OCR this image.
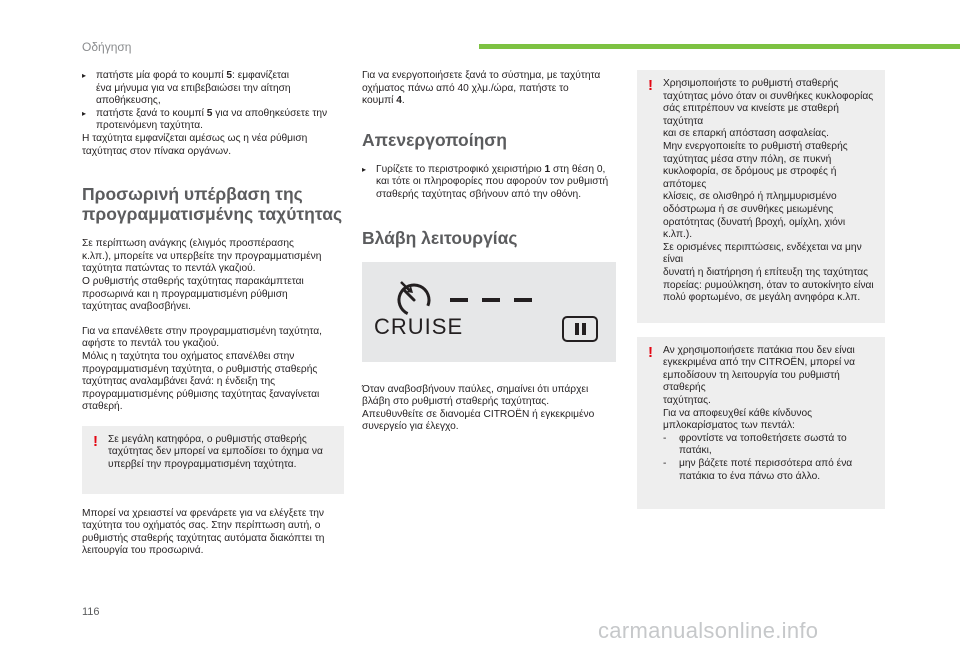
Οδήγηση

▸ πατήστε μία φορά το κουμπί 5: εμφανίζεται
ένα μήνυμα για να επιβεβαιώσει την αίτηση
αποθήκευσης,
▸ πατήστε ξανά το κουμπί 5 για να αποθηκεύσετε την
προτεινόμενη ταχύτητα.
Η ταχύτητα εμφανίζεται αμέσως ως η νέα ρύθμιση
ταχύτητας στον πίνακα οργάνων.

Προσωρινή υπέρβαση της
προγραμματισμένης ταχύτητας

Σε περίπτωση ανάγκης (ελιγμός προσπέρασης
κ.λπ.), μπορείτε να υπερβείτε την προγραμματισμένη
ταχύτητα πατώντας το πεντάλ γκαζιού.
Ο ρυθμιστής σταθερής ταχύτητας παρακάμπτεται
προσωρινά και η προγραμματισμένη ρύθμιση
ταχύτητας αναβοσβήνει.

Για να επανέλθετε στην προγραμματισμένη ταχύτητα,
αφήστε το πεντάλ του γκαζιού.
Μόλις η ταχύτητα του οχήματος επανέλθει στην
προγραμματισμένη ταχύτητα, ο ρυθμιστής σταθερής
ταχύτητας αναλαμβάνει ξανά: η ένδειξη της
προγραμματισμένης ρύθμισης ταχύτητας ξαναγίνεται
σταθερή.

! Σε μεγάλη κατηφόρα, ο ρυθμιστής σταθερής
ταχύτητας δεν μπορεί να εμποδίσει το όχημα να
υπερβεί την προγραμματισμένη ταχύτητα.

Μπορεί να χρειαστεί να φρενάρετε για να ελέγξετε την
ταχύτητα του οχήματός σας. Στην περίπτωση αυτή, ο
ρυθμιστής σταθερής ταχύτητας αυτόματα διακόπτει τη
λειτουργία του προσωρινά.

Για να ενεργοποιήσετε ξανά το σύστημα, με ταχύτητα
οχήματος πάνω από 40 χλμ./ώρα, πατήστε το
κουμπί 4.

Απενεργοποίηση

▸ Γυρίζετε το περιστροφικό χειριστήριο 1 στη θέση 0,
και τότε οι πληροφορίες που αφορούν τον ρυθμιστή
σταθερής ταχύτητας σβήνουν από την οθόνη.

Βλάβη λειτουργίας
CRUISE

Όταν αναβοσβήνουν παύλες, σημαίνει ότι υπάρχει
βλάβη στο ρυθμιστή σταθερής ταχύτητας.
Απευθυνθείτε σε διανομέα CITROËN ή εγκεκριμένο
συνεργείο για έλεγχο.

! Χρησιμοποιήστε το ρυθμιστή σταθερής
ταχύτητας μόνο όταν οι συνθήκες κυκλοφορίας
σάς επιτρέπουν να κινείστε με σταθερή ταχύτητα
και σε επαρκή απόσταση ασφαλείας.
Μην ενεργοποιείτε το ρυθμιστή σταθερής
ταχύτητας μέσα στην πόλη, σε πυκνή
κυκλοφορία, σε δρόμους με στροφές ή απότομες
κλίσεις, σε ολισθηρό ή πλημμυρισμένο
οδόστρωμα ή σε συνθήκες μειωμένης
ορατότητας (δυνατή βροχή, ομίχλη, χιόνι κ.λπ.).
Σε ορισμένες περιπτώσεις, ενδέχεται να μην είναι
δυνατή η διατήρηση ή επίτευξη της ταχύτητας
πορείας: ρυμούλκηση, όταν το αυτοκίνητο είναι
πολύ φορτωμένο, σε μεγάλη ανηφόρα κ.λπ.
! Αν χρησιμοποιήσετε πατάκια που δεν είναι
εγκεκριμένα από την CITROËN, μπορεί να
εμποδίσουν τη λειτουργία του ρυθμιστή σταθερής
ταχύτητας.
Για να αποφευχθεί κάθε κίνδυνος
μπλοκαρίσματος των πεντάλ:
- φροντίστε να τοποθετήσετε σωστά το πατάκι,
- μην βάζετε ποτέ περισσότερα από ένα
πατάκια το ένα πάνω στο άλλο.
116
carmanualsonline.info
